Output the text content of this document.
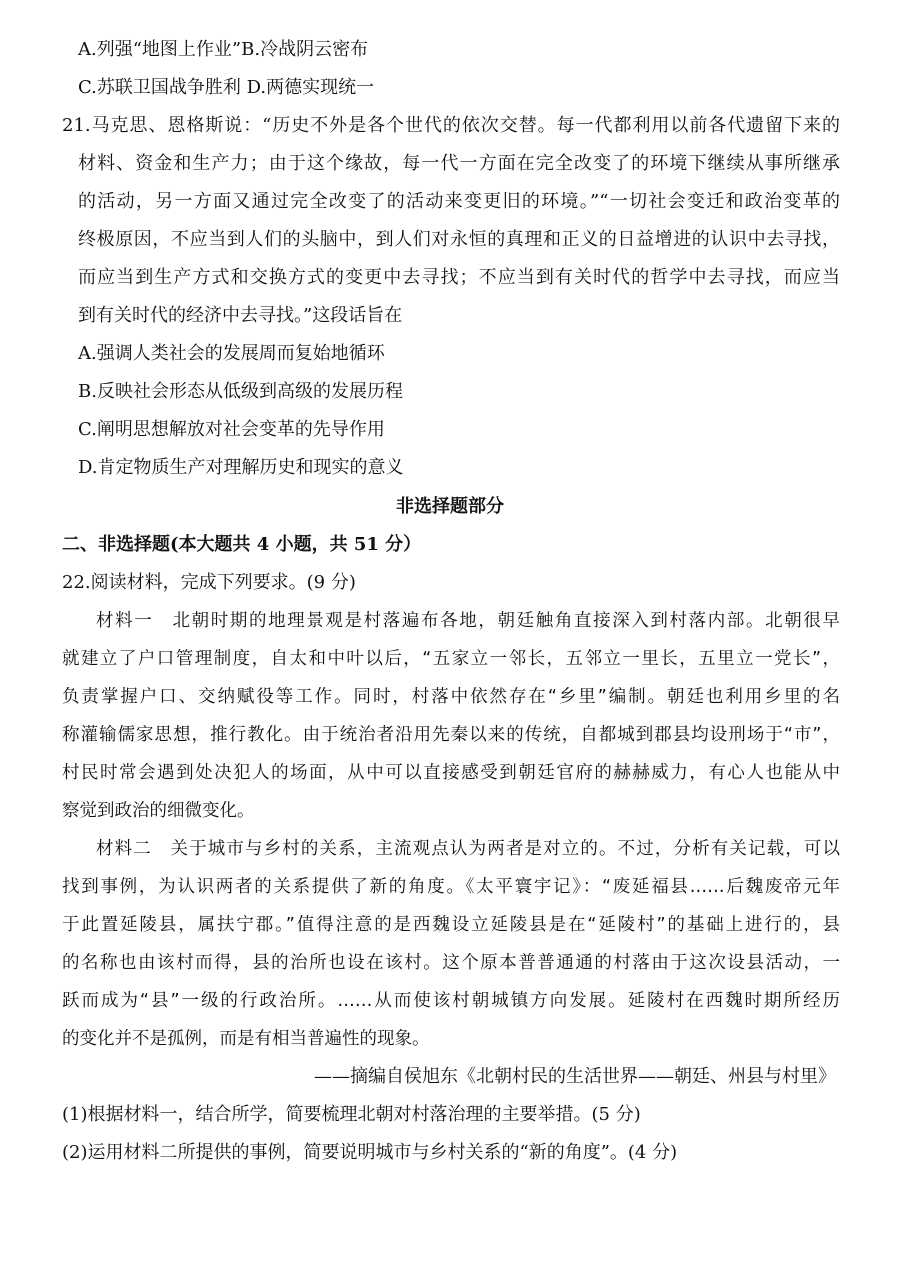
A.列强“地图上作业”B.冷战阴云密布
C.苏联卫国战争胜利 D.两德实现统一
21.马克思、恩格斯说：“历史不外是各个世代的依次交替。每一代都利用以前各代遗留下来的
材料、资金和生产力；由于这个缘故，每一代一方面在完全改变了的环境下继续从事所继承
的活动，另一方面又通过完全改变了的活动来变更旧的环境。”“一切社会变迁和政治变革的
终极原因，不应当到人们的头脑中，到人们对永恒的真理和正义的日益增进的认识中去寻找，
而应当到生产方式和交换方式的变更中去寻找；不应当到有关时代的哲学中去寻找，而应当
到有关时代的经济中去寻找。”这段话旨在
A.强调人类社会的发展周而复始地循环
B.反映社会形态从低级到高级的发展历程
C.阐明思想解放对社会变革的先导作用
D.肯定物质生产对理解历史和现实的意义
非选择题部分
二、非选择题(本大题共 4 小题，共 51 分）
22.阅读材料，完成下列要求。(9 分)
材料一　北朝时期的地理景观是村落遍布各地，朝廷触角直接深入到村落内部。北朝很早
就建立了户口管理制度，自太和中叶以后，“五家立一邻长，五邻立一里长，五里立一党长”，
负责掌握户口、交纳赋役等工作。同时，村落中依然存在“乡里”编制。朝廷也利用乡里的名
称灌输儒家思想，推行教化。由于统治者沿用先秦以来的传统，自都城到郡县均设刑场于“市”，
村民时常会遇到处决犯人的场面，从中可以直接感受到朝廷官府的赫赫威力，有心人也能从中
察觉到政治的细微变化。
材料二　关于城市与乡村的关系，主流观点认为两者是对立的。不过，分析有关记载，可以
找到事例，为认识两者的关系提供了新的角度。《太平寰宇记》：“废延福县……后魏废帝元年
于此置延陵县，属扶宁郡。”值得注意的是西魏设立延陵县是在“延陵村”的基础上进行的，县
的名称也由该村而得，县的治所也设在该村。这个原本普普通通的村落由于这次设县活动，一
跃而成为“县”一级的行政治所。……从而使该村朝城镇方向发展。延陵村在西魏时期所经历
的变化并不是孤例，而是有相当普遍性的现象。
——摘编自侯旭东《北朝村民的生活世界——朝廷、州县与村里》
(1)根据材料一，结合所学，简要梳理北朝对村落治理的主要举措。(5 分)
(2)运用材料二所提供的事例，简要说明城市与乡村关系的“新的角度”。(4 分)
